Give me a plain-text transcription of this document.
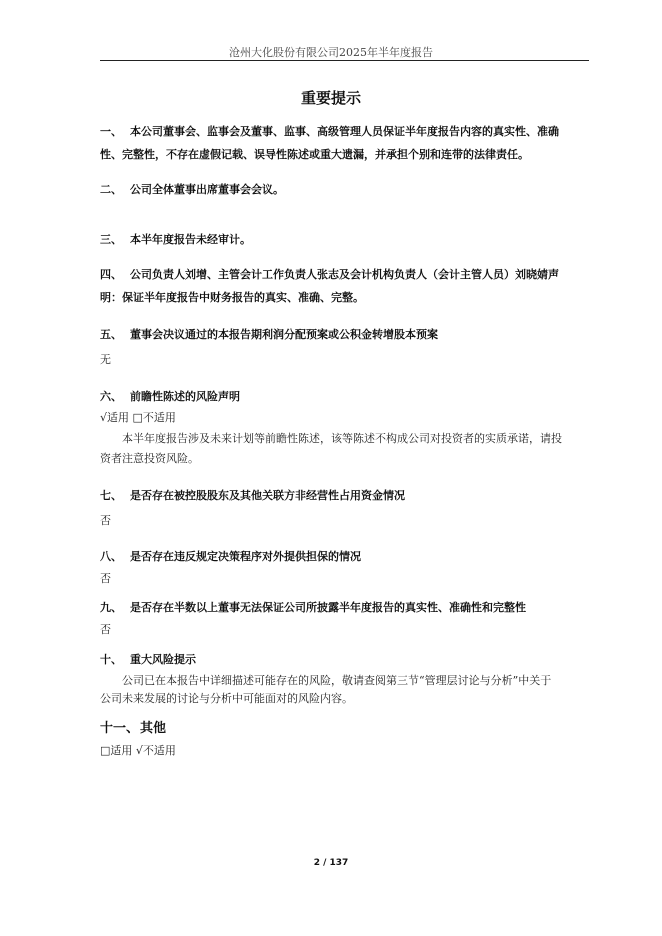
沧州大化股份有限公司2025年半年度报告
重要提示
一、 本公司董事会、监事会及董事、监事、高级管理人员保证半年度报告内容的真实性、准确
性、完整性，不存在虚假记载、误导性陈述或重大遗漏，并承担个别和连带的法律责任。
二、 公司全体董事出席董事会会议。
三、 本半年度报告未经审计。
四、 公司负责人刘增、主管会计工作负责人张志及会计机构负责人（会计主管人员）刘晓婧声
明：保证半年度报告中财务报告的真实、准确、完整。
五、 董事会决议通过的本报告期利润分配预案或公积金转增股本预案
无
六、 前瞻性陈述的风险声明
√适用 □不适用
本半年度报告涉及未来计划等前瞻性陈述，该等陈述不构成公司对投资者的实质承诺，请投
资者注意投资风险。
七、 是否存在被控股股东及其他关联方非经营性占用资金情况
否
八、 是否存在违反规定决策程序对外提供担保的情况
否
九、 是否存在半数以上董事无法保证公司所披露半年度报告的真实性、准确性和完整性
否
十、 重大风险提示
公司已在本报告中详细描述可能存在的风险，敬请查阅第三节“管理层讨论与分析”中关于
公司未来发展的讨论与分析中可能面对的风险内容。
十一、其他
□适用 √不适用
2 / 137
